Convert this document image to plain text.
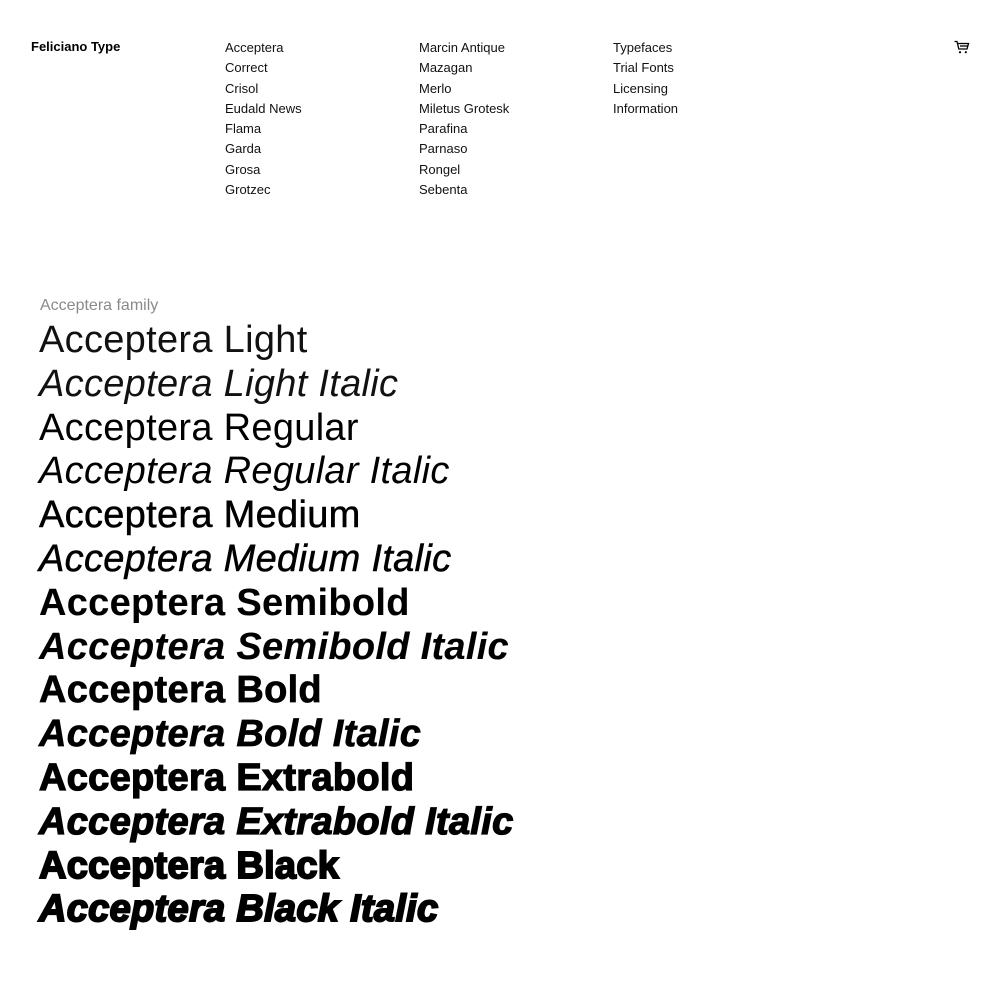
Feliciano Type	Acceptera
Correct
Crisol
Eudald News
Flama
Garda
Grosa
Grotzec
Marcin Antique
Mazagan
Merlo
Miletus Grotesk
Parafina
Parnaso
Rongel
Sebenta
Typefaces
Trial Fonts
Licensing
Information
Acceptera family
Acceptera Light
Acceptera Light Italic
Acceptera Regular
Acceptera Regular Italic
Acceptera Medium
Acceptera Medium Italic
Acceptera Semibold
Acceptera Semibold Italic
Acceptera Bold
Acceptera Bold Italic
Acceptera Extrabold
Acceptera Extrabold Italic
Acceptera Black
Acceptera Black Italic
